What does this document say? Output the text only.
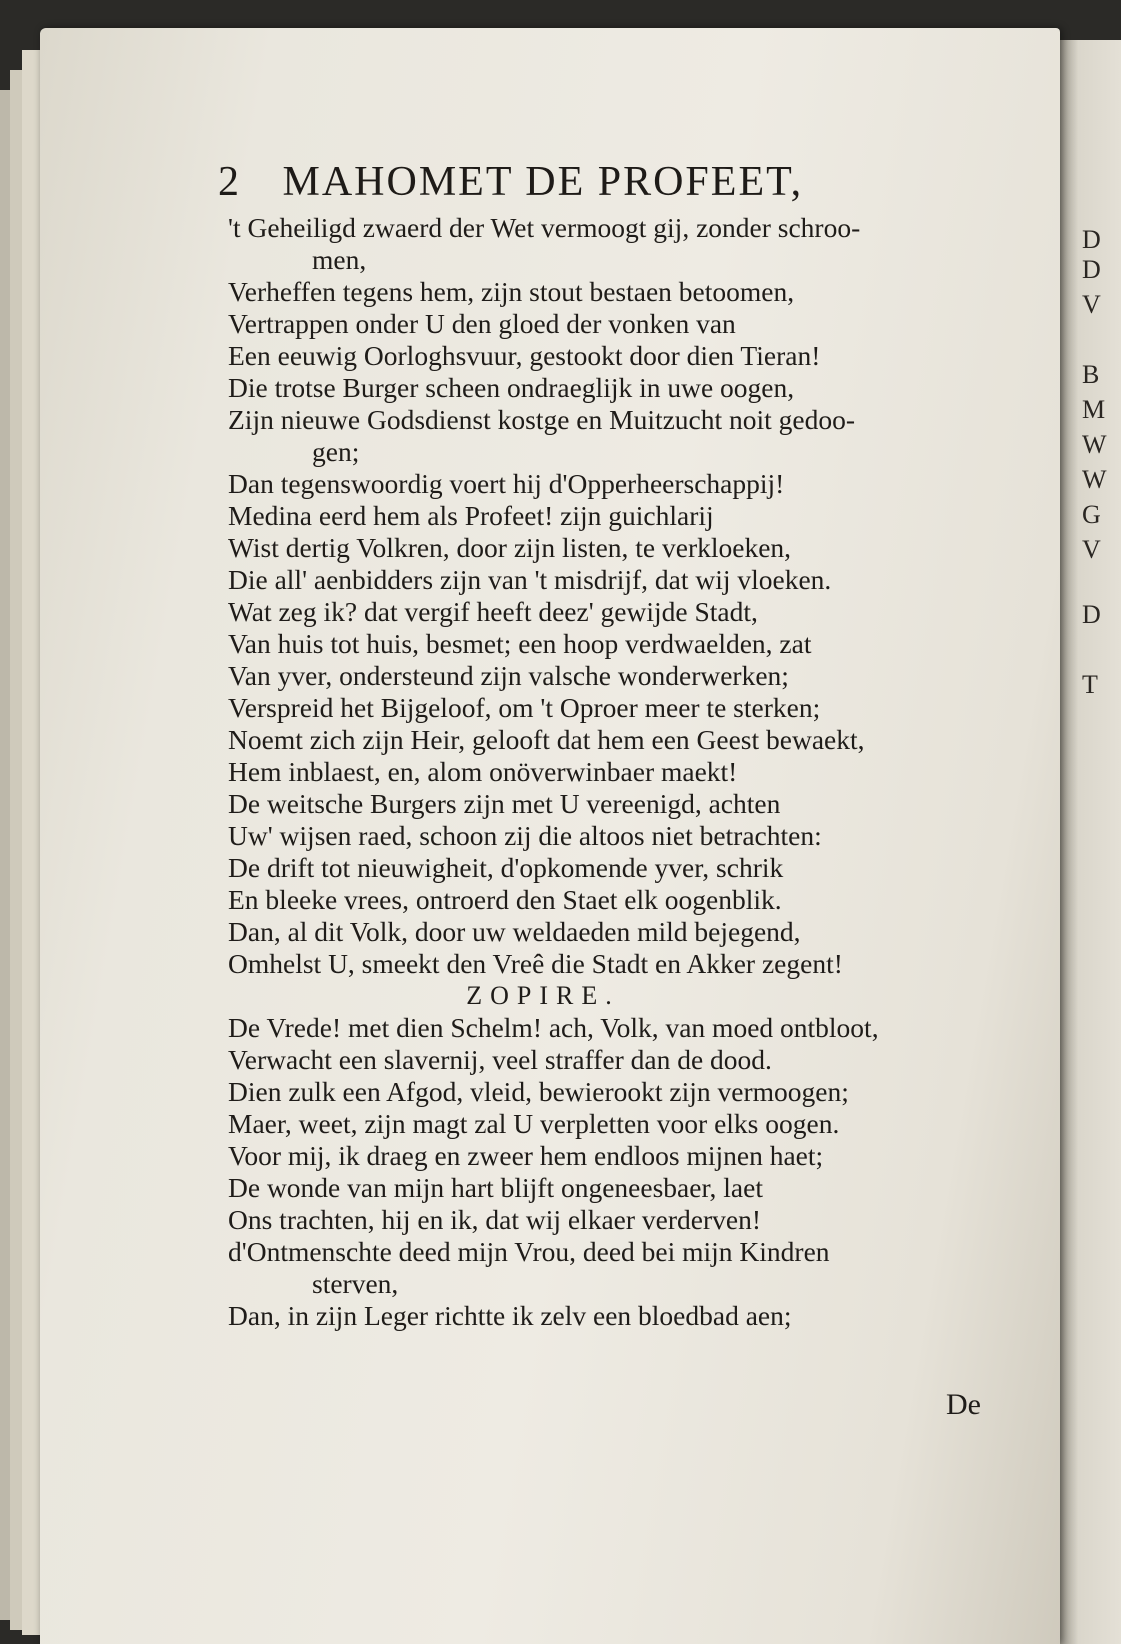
D
D
V
B
M
W
W
G
V
D
T
2 MAHOMET DE PROFEET,
't Geheiligd zwaerd der Wet vermoogt gij, zonder schroo-
men,
Verheffen tegens hem, zijn stout bestaen betoomen,
Vertrappen onder U den gloed der vonken van
Een eeuwig Oorloghsvuur, gestookt door dien Tieran!
Die trotse Burger scheen ondraeglijk in uwe oogen,
Zijn nieuwe Godsdienst kostge en Muitzucht noit gedoo-
gen;
Dan tegenswoordig voert hij d'Opperheerschappij!
Medina eerd hem als Profeet! zijn guichlarij
Wist dertig Volkren, door zijn listen, te verkloeken,
Die all' aenbidders zijn van 't misdrijf, dat wij vloeken.
Wat zeg ik? dat vergif heeft deez' gewijde Stadt,
Van huis tot huis, besmet; een hoop verdwaelden, zat
Van yver, ondersteund zijn valsche wonderwerken;
Verspreid het Bijgeloof, om 't Oproer meer te sterken;
Noemt zich zijn Heir, gelooft dat hem een Geest bewaekt,
Hem inblaest, en, alom onöverwinbaer maekt!
De weitsche Burgers zijn met U vereenigd, achten
Uw' wijsen raed, schoon zij die altoos niet betrachten:
De drift tot nieuwigheit, d'opkomende yver, schrik
En bleeke vrees, ontroerd den Staet elk oogenblik.
Dan, al dit Volk, door uw weldaeden mild bejegend,
Omhelst U, smeekt den Vreê die Stadt en Akker zegent!
ZOPIRE.
De Vrede! met dien Schelm! ach, Volk, van moed ontbloot,
Verwacht een slavernij, veel straffer dan de dood.
Dien zulk een Afgod, vleid, bewierookt zijn vermoogen;
Maer, weet, zijn magt zal U verpletten voor elks oogen.
Voor mij, ik draeg en zweer hem endloos mijnen haet;
De wonde van mijn hart blijft ongeneesbaer, laet
Ons trachten, hij en ik, dat wij elkaer verderven!
d'Ontmenschte deed mijn Vrou, deed bei mijn Kindren
sterven,
Dan, in zijn Leger richtte ik zelv een bloedbad aen;
De
